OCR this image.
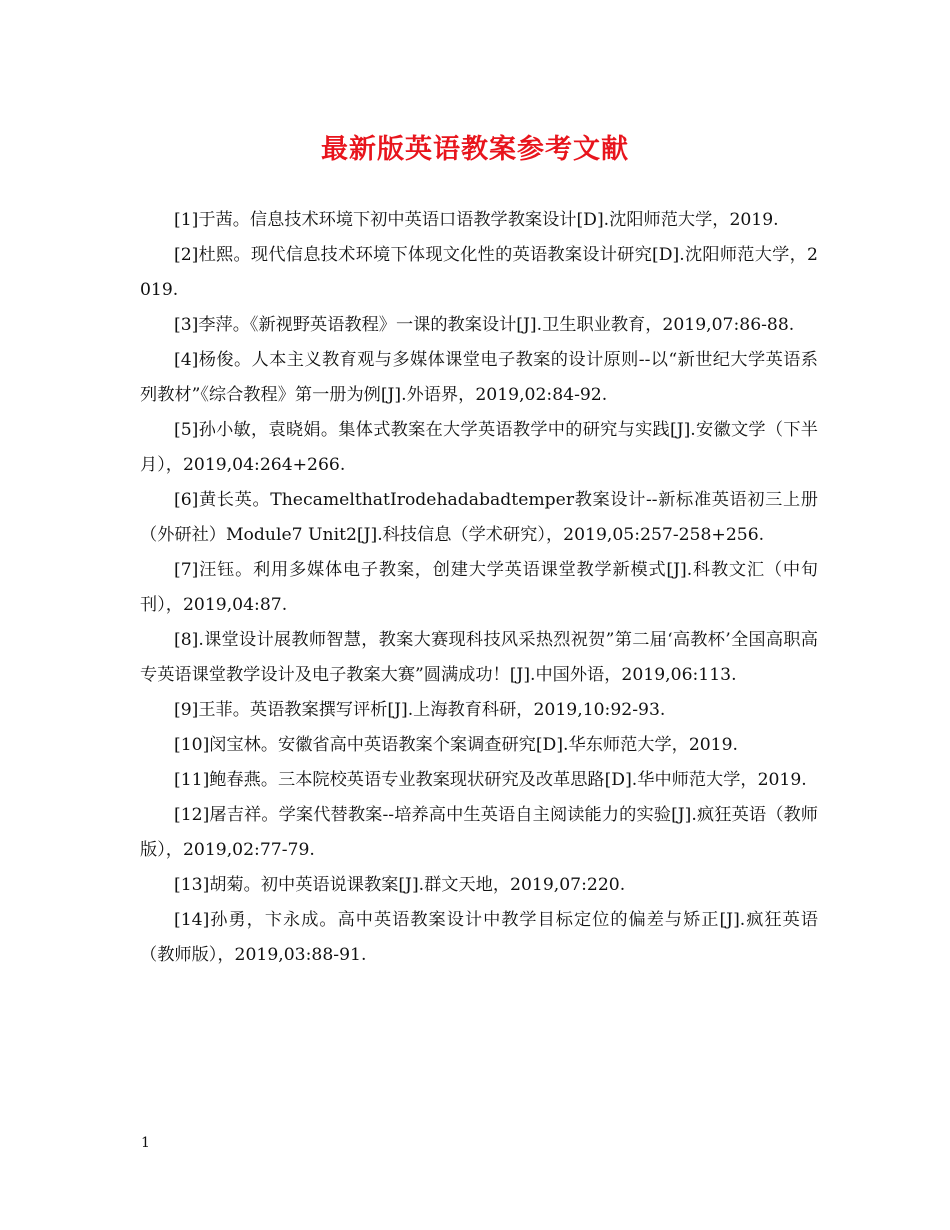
最新版英语教案参考文献
[1]于茜。信息技术环境下初中英语口语教学教案设计[D].沈阳师范大学，2019.
[2]杜熙。现代信息技术环境下体现文化性的英语教案设计研究[D].沈阳师范大学，2019.
[3]李萍。《新视野英语教程》一课的教案设计[J].卫生职业教育，2019,07:86-88.
[4]杨俊。人本主义教育观与多媒体课堂电子教案的设计原则--以“新世纪大学英语系列教材”《综合教程》第一册为例[J].外语界，2019,02:84-92.
[5]孙小敏，袁晓娟。集体式教案在大学英语教学中的研究与实践[J].安徽文学（下半月），2019,04:264+266.
[6]黄长英。ThecamelthatIrodehadabadtemper教案设计--新标准英语初三上册（外研社）Module7 Unit2[J].科技信息（学术研究），2019,05:257-258+256.
[7]汪钰。利用多媒体电子教案，创建大学英语课堂教学新模式[J].科教文汇（中旬刊），2019,04:87.
[8].课堂设计展教师智慧，教案大赛现科技风采热烈祝贺”第二届‘高教杯’全国高职高专英语课堂教学设计及电子教案大赛”圆满成功！[J].中国外语，2019,06:113.
[9]王菲。英语教案撰写评析[J].上海教育科研，2019,10:92-93.
[10]闵宝林。安徽省高中英语教案个案调查研究[D].华东师范大学，2019.
[11]鲍春燕。三本院校英语专业教案现状研究及改革思路[D].华中师范大学，2019.
[12]屠吉祥。学案代替教案--培养高中生英语自主阅读能力的实验[J].疯狂英语（教师版），2019,02:77-79.
[13]胡菊。初中英语说课教案[J].群文天地，2019,07:220.
[14]孙勇，卞永成。高中英语教案设计中教学目标定位的偏差与矫正[J].疯狂英语（教师版），2019,03:88-91.
1
